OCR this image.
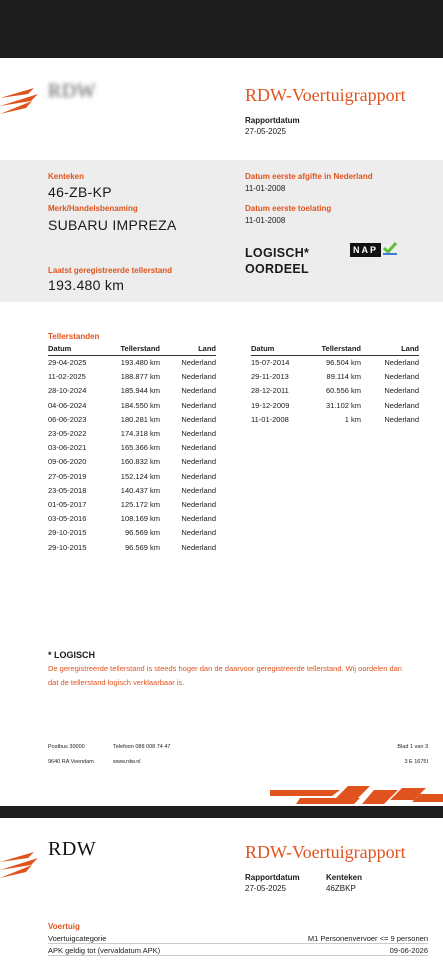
RDW	RDW-Voertuigrapport
Rapportdatum
27-05-2025
Kenteken
46-ZB-KP
Merk/Handelsbenaming
SUBARU IMPREZA
Laatst geregistreerde tellerstand
193.480 km
Datum eerste afgifte in Nederland
11-01-2008
Datum eerste toelating
11-01-2008
LOGISCH*
OORDEEL
NAP
Tellerstanden
Datum	Tellerstand	Land
29-04-2025	193.480 km	Nederland
11-02-2025	188.877 km	Nederland
28-10-2024	185.944 km	Nederland
04-06-2024	184.550 km	Nederland
06-06-2023	180.281 km	Nederland
23-05-2022	174.318 km	Nederland
03-06-2021	165.366 km	Nederland
09-06-2020	160.832 km	Nederland
27-05-2019	152.124 km	Nederland
23-05-2018	140.437 km	Nederland
01-05-2017	125.172 km	Nederland
03-05-2016	108.169 km	Nederland
29-10-2015	96.569 km	Nederland
29-10-2015	96.569 km	Nederland
Datum	Tellerstand	Land
15-07-2014	96.504 km	Nederland
29-11-2013	89.114 km	Nederland
28-12-2011	60.556 km	Nederland
19-12-2009	31.102 km	Nederland
11-01-2008	1 km	Nederland
* LOGISCH
De geregistreerde tellerstand is steeds hoger dan de daarvoor geregistreerde tellerstand. Wij oordelen dan
dat de tellerstand logisch verklaarbaar is.
Postbus 30000	Telefoon 088 008 74 47	Blad 1 van 3
9640 RA Veendam	www.rdw.nl	3 E 1675I
RDW	RDW-Voertuigrapport
Rapportdatum
27-05-2025
Kenteken
46ZBKP
Voertuig
Voertuigcategorie	M1 Personenvervoer <= 9 personen
APK geldig tot (vervaldatum APK)	09-06-2026
